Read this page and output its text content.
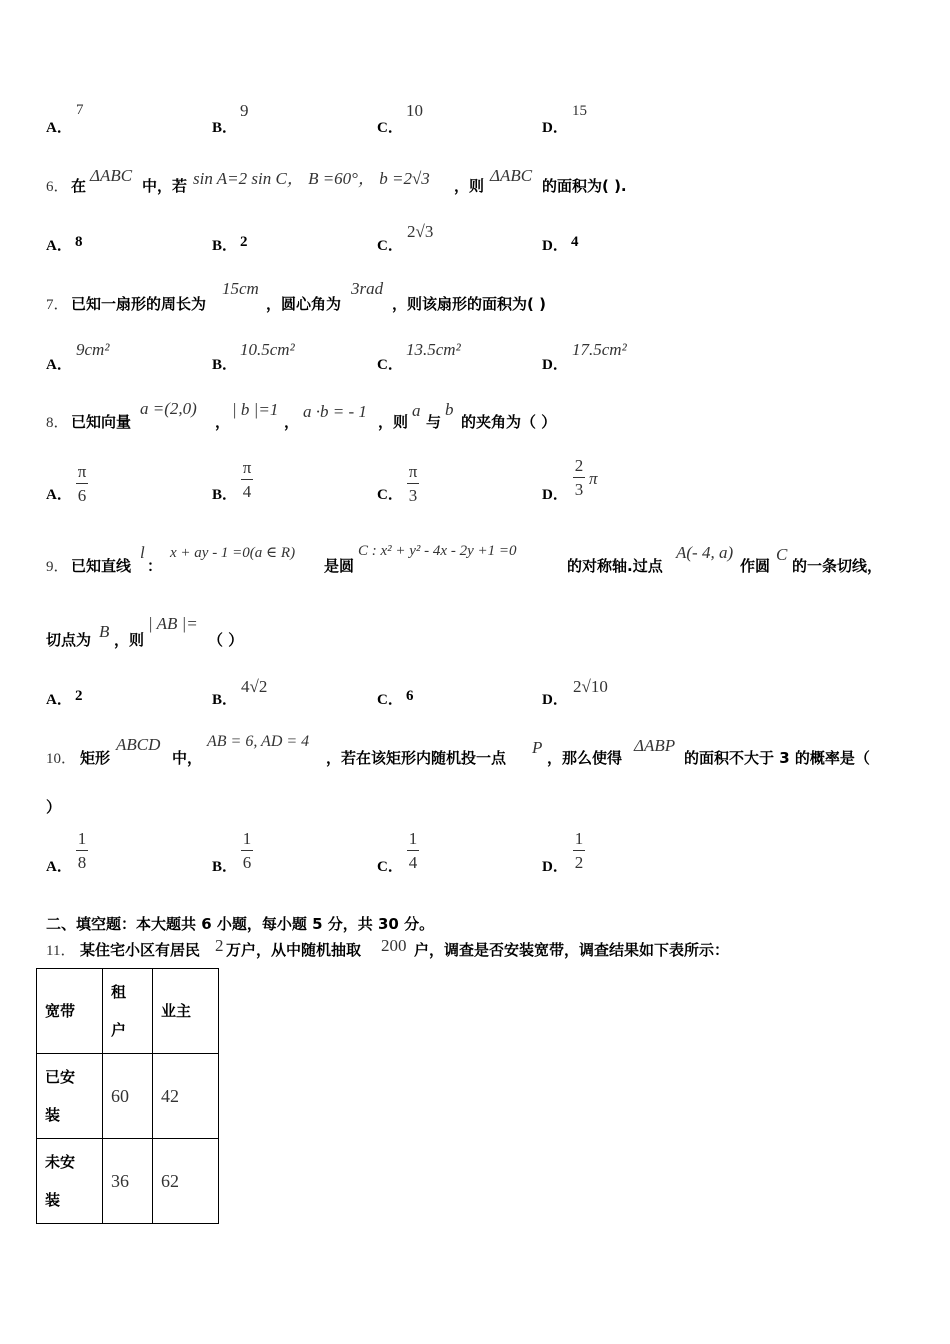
A．
7
B．
9
C．
10
D．
15
6． 在
ΔABC
中，若 sin A=2 sin C， B =60°， b =2√3 ，则
ΔABC
的面积为( ).
A． 8	B． 2	C．
2√3
D． 4
7． 已知一扇形的周长为
15cm
，圆心角为
3rad
，则该扇形的面积为( )
A．
9cm²
B．
10.5cm²
C．
13.5cm²
D．
17.5cm²
8． 已知向量
a =(2,0)
，
| b |=1
，
a ·b = - 1
，则
a
与
b
的夹角为（ ）
A．
π
6	B．
π
4	C．
π
3	D．
2
3
π
9． 已知直线
l
：
x + ay - 1 =0(a ∈ R)
是圆
C : x² + y² - 4x - 2y +1 =0
的对称轴.过点
A(- 4, a)
作圆
C
的一条切线，
切点为 B ，则
| AB |=
（ ）
A． 2	B．
4√2
C． 6	D．
2√10
10． 矩形
ABCD
中，
AB = 6, AD = 4
，若在该矩形内随机投一点
P
，那么使得
ΔABP
的面积不大于 3 的概率是（
）
A．
1
8	B．
1
6	C．
1
4	D．
1
2
二、填空题：本大题共 6 小题，每小题 5 分，共 30 分。
11． 某住宅小区有居民 2 万户，从中随机抽取 200 户，调查是否安装宽带，调查结果如下表所示：
宽带	租户	业主

已安装	60	42

未安装	36	62
